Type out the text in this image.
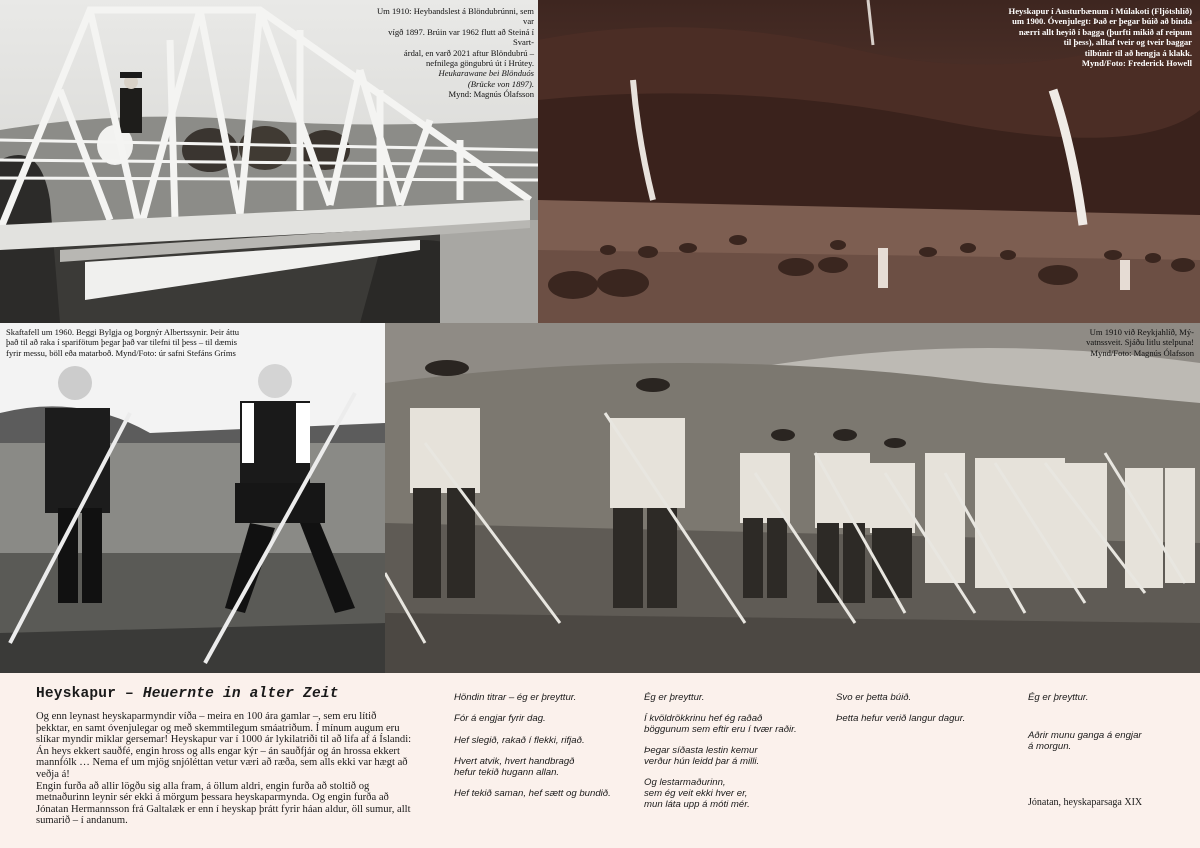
Um 1910: Heybandslest á Blöndubrúnni, sem var
vígð 1897. Brúin var 1962 flutt að Steiná í Svart-
árdal, en varð 2021 aftur Blöndubrú –
nefnilega göngubrú út í Hrútey.
Heukarawane bei Blönduós
(Brücke von 1897).
Mynd: Magnús Ólafsson
Heyskapur í Austurbænum í Múlakoti (Fljótshlíð)
um 1900. Óvenjulegt: Það er þegar búið að binda
nærri allt heyið í bagga (þurfti mikið af reipum
til þess), alltaf tveir og tveir baggar
tilbúnir til að hengja á klakk.
Mynd/Foto: Frederick Howell
Skaftafell um 1960. Beggi Bylgja og Þorgnýr Albertssynir. Þeir áttu
það til að raka í sparifötum þegar það var tilefni til þess – til dæmis
fyrir messu, böll eða matarboð. Mynd/Foto: úr safni Stefáns Gríms
Um 1910 við Reykjahlíð, Mý-
vatnssveit. Sjáðu litlu stelpuna!
Mynd/Foto: Magnús Ólafsson
Heyskapur – Heuernte in alter Zeit

Og enn leynast heyskaparmyndir víða – meira en 100 ára gamlar –, sem eru lítið þekktar, en samt óvenjulegar og með skemmtilegum smáatriðum. Í mínum augum eru slíkar myndir miklar gersemar! Heyskapur var í 1000 ár lykilatriði til að lifa af á Íslandi: Án heys ekkert sauðfé, engin hross og alls engar kýr – án sauðfjár og án hrossa ekkert mannfólk … Nema ef um mjög snjóléttan vetur væri að ræða, sem alls ekki var hægt að veðja á!

Engin furða að allir lögðu sig alla fram, á öllum aldri, engin furða að stoltið og metnaðurinn leynir sér ekki á mörgum þessara heyskaparmynda. Og engin furða að Jónatan Hermannsson frá Galtalæk er enn í heyskap þrátt fyrir háan aldur, öll sumur, allt sumarið – í andanum.

Höndin titrar – ég er þreyttur.
Fór á engjar fyrir dag.
Hef slegið, rakað í flekki, rifjað.
Hvert atvik, hvert handbragð
hefur tekið hugann allan.
Hef tekið saman, hef sætt og bundið.
Ég er þreyttur.
Í kvöldrökkrinu hef ég raðað
böggunum sem eftir eru í tvær raðir.
Þegar síðasta lestin kemur
verður hún leidd þar á milli.
Og lestarmaðurinn,
sem ég veit ekki hver er,
mun láta upp á móti mér.
Svo er þetta búið.
Þetta hefur verið langur dagur.
Ég er þreyttur.
Aðrir munu ganga á engjar
á morgun.
Jónatan, heyskaparsaga XIX
